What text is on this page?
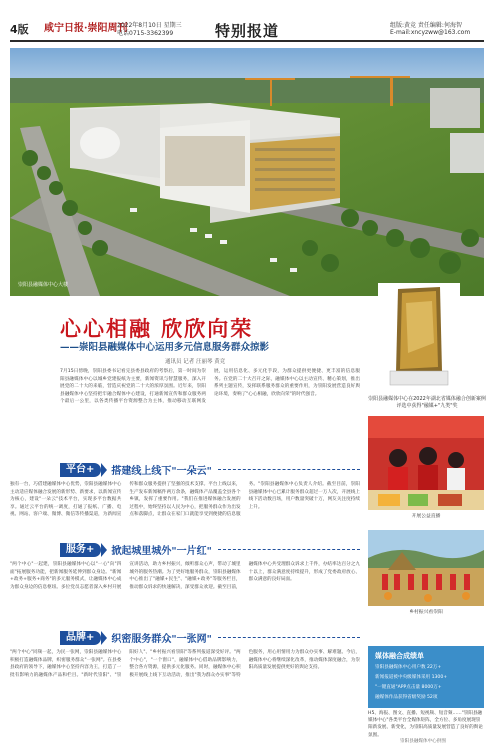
4版 咸宁日报·崇阳周刊
2022年8月10日 星期三
电话0715-3362399	特别报道	组版:黄竞 责任编辑:何海智
E-mail:xncyzww@163.com
崇阳县融媒体中心大楼
心心相融 欣欣向荣
——崇阳县融媒体中心运用多元信息服务群众掠影
通讯员 记者 汪丽琴 黄竞
崇阳县融媒体中心在2022年湖北省媒体融合创新案例评选中获得"融媒+"九类"奖
7月15日傍晚，崇阳县委书记看完县委县政府的考察后，第一时间为崇阳县融媒体中心以城乡党建报纸为主要，新闻资讯与智慧服务，深入开展党的二十大的来临，营造庆祝党的二十大的浓厚氛围。近年来，崇阳县融媒体中心坚持把牢融合媒体中心建设，打通新闻宣传和群众服务两个最后一公里，以各类传播平台资源整合为主体，推动移动互联网发展，运用信息化、多元化手段，为群众提供更便捷、更丰富的信息服务。在党的二十大召开之际，融媒体中心以主动宣传、精心策划，推出系列主题宣传，发挥联系服务群众的重要作用，为崇阳发展营造良好舆论环境，奏响了"心心相融，欣欣向荣"的时代强音。
平台+	搭建线上线下"一朵云"
独有一台，巧借建融媒体中心优势，崇阳县融媒体中心主动适应媒体融合发展的新形势、新要求，以新闻宣传为核心，建设"一朵云"技术平台，实现多平台数据共享。通过云平台的统一调度，打通了报纸、广播、电视、网站、客户端、微博、微信等传播渠道，为新闻宣传和群众服务提供了坚强的技术支撑。平台上线以来，生产发布新闻稿件两万余条，融媒体产品覆盖全县各个乡镇，发挥了重要作用。"我们在推进媒体融合发展的过程中，始终坚持以人民为中心，把服务群众作为出发点和落脚点，让群众在家门口就能享受到便捷的信息服务。"崇阳县融媒体中心负责人介绍。截至目前，崇阳县融媒体中心已累计服务群众超过一万人次，开展线上线下活动数百场，用户数量突破十万，网友关注度持续上升。
服务+	掀起城里城外"一片红"
"两个中心"一起建，崇阳县融媒体中心以"一心"向"四面"拓展服务功能，把新闻服务延伸到群众身边。"新闻+政务+服务+商务"的多元服务模式，让融媒体中心成为群众身边的信息枢纽。多位党员志愿者深入乡村开展宣讲活动，助力乡村振兴，倾听群众心声，带动了城里城外的服务热潮。为了更好地服务群众，崇阳县融媒体中心推出了"融媒+民生"、"融媒+政务"等服务栏目，推动群众诉求的快速解决，深受群众欢迎。截至目前，融媒体中心共受理群众诉求上千件，办结率达百分之九十以上，群众满意度持续提升，形成了党委政府放心、群众满意的良好局面。
品牌+	织密服务群众"一张网"
"两个中心"同频一起，为民一张网，崇阳县融媒体中心积极打造融媒体品牌，织密服务群众"一张网"。在县委县政府的领导下，融媒体中心坚持内容为王，打造了一批有影响力的融媒体产品和栏目。"新时代崇阳"、"崇阳好人"、"乡村振兴看崇阳"等系列报道深受好评。"两个中心"，"一个窗口"，融媒体中心借助品牌影响力，整合各方资源，提供多元化服务。同时，融媒体中心积极开展线上线下互动活动，推出"我为群众办实事"等特色服务，用心用情用力为群众办实事、解难题。今后，融媒体中心将继续深化改革，推动媒体深度融合，为崇阳高质量发展提供更好的舆论支持。
开展公益直播
乡村振兴看崇阳
媒体融合成绩单
崇阳县融媒体中心用户数 22万+
新闻报道被中央级媒体采用 1300+
"一键直通"APP点击量 8000万+
融媒体作品获得省级奖励 52项
H5、海报、图文、直播、短视频、短音频……"崇阳县融媒体中心"各类平台全媒体矩阵，全方位、多角度展现崇阳新发展、新变化，为崇阳高质量发展营造了良好的舆论氛围。
崇阳县融媒体中心供图
